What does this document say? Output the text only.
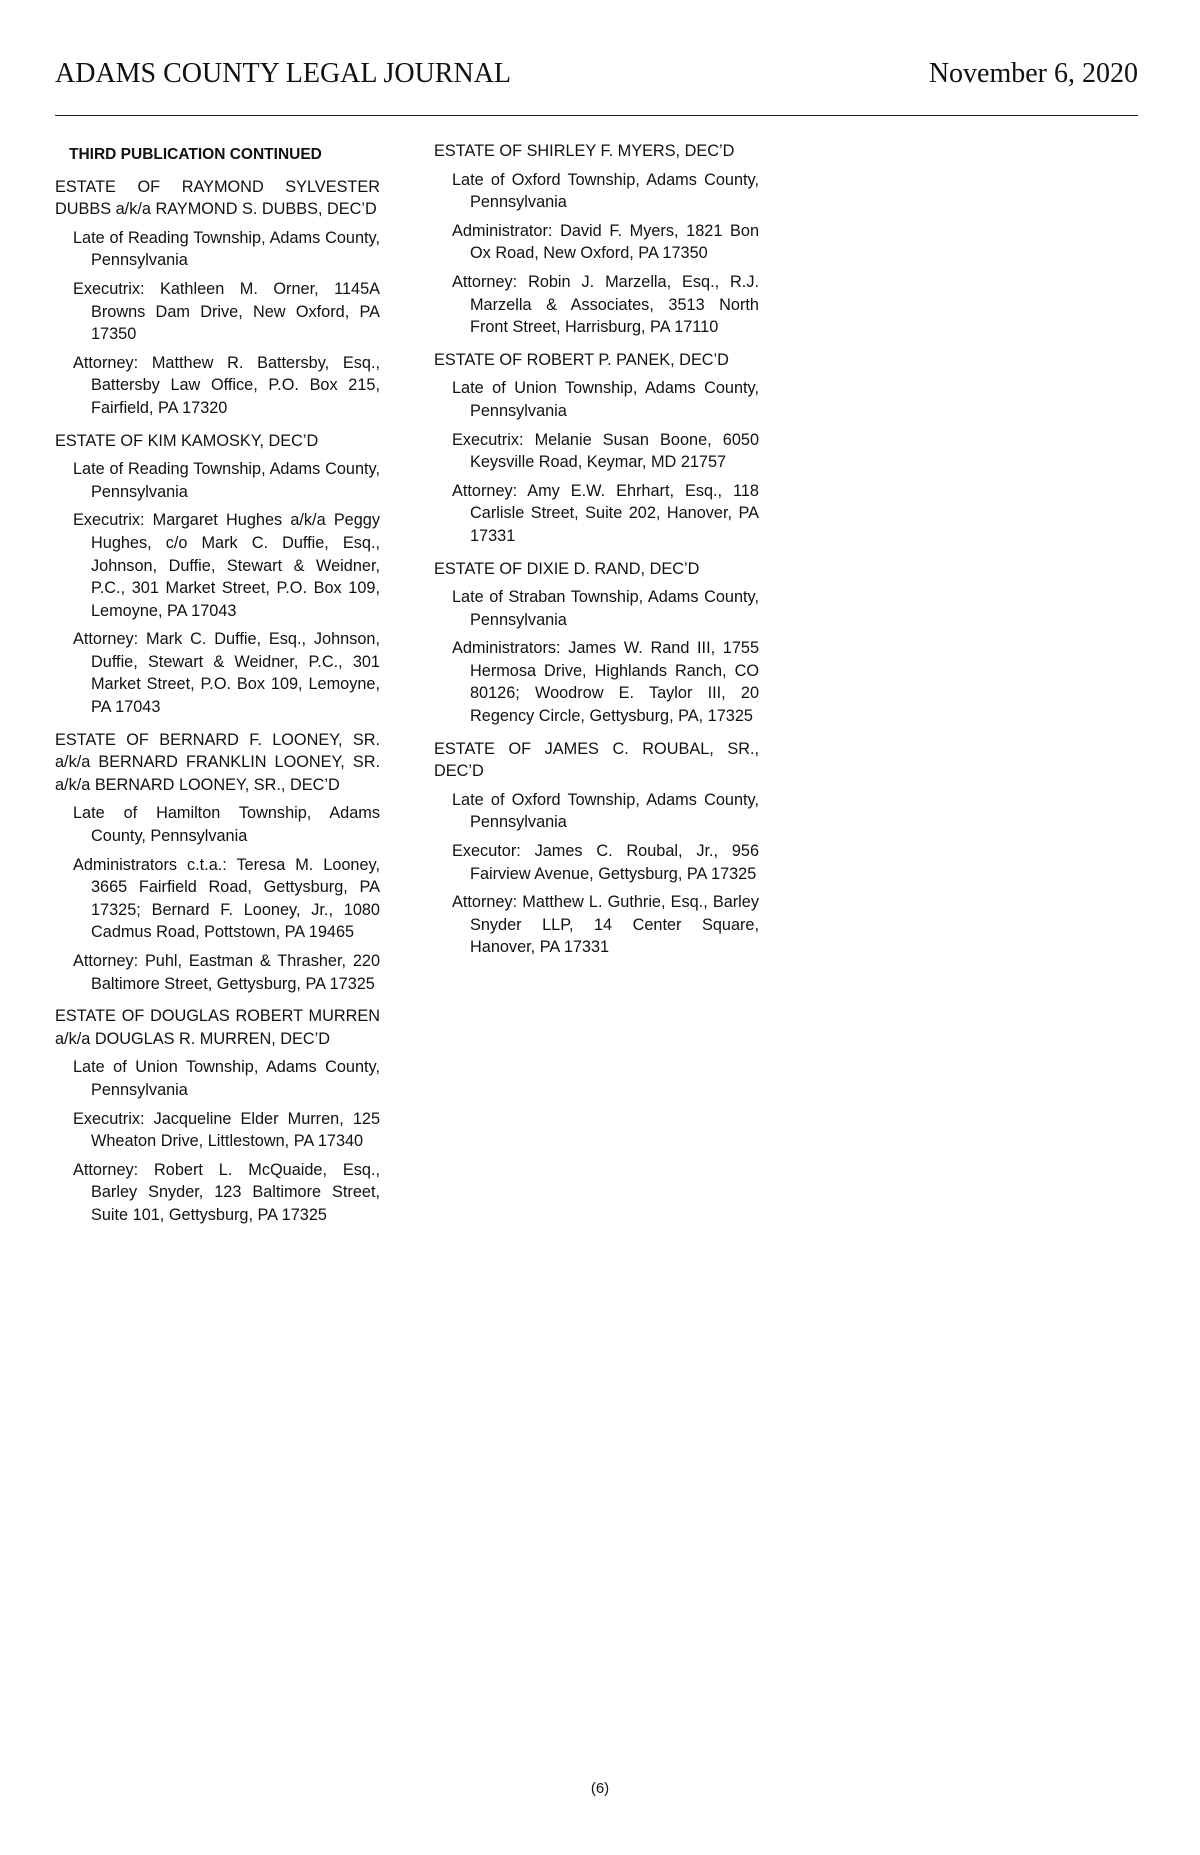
ADAMS COUNTY LEGAL JOURNAL	November 6, 2020
THIRD PUBLICATION CONTINUED
ESTATE OF RAYMOND SYLVESTER DUBBS a/k/a RAYMOND S. DUBBS, DEC’D
Late of Reading Township, Adams County, Pennsylvania
Executrix: Kathleen M. Orner, 1145A Browns Dam Drive, New Oxford, PA 17350
Attorney: Matthew R. Battersby, Esq., Battersby Law Office, P.O. Box 215, Fairfield, PA 17320
ESTATE OF KIM KAMOSKY, DEC’D
Late of Reading Township, Adams County, Pennsylvania
Executrix: Margaret Hughes a/k/a Peggy Hughes, c/o Mark C. Duffie, Esq., Johnson, Duffie, Stewart & Weidner, P.C., 301 Market Street, P.O. Box 109, Lemoyne, PA 17043
Attorney: Mark C. Duffie, Esq., Johnson, Duffie, Stewart & Weidner, P.C., 301 Market Street, P.O. Box 109, Lemoyne, PA 17043
ESTATE OF BERNARD F. LOONEY, SR. a/k/a BERNARD FRANKLIN LOONEY, SR. a/k/a BERNARD LOONEY, SR., DEC’D
Late of Hamilton Township, Adams County, Pennsylvania
Administrators c.t.a.: Teresa M. Looney, 3665 Fairfield Road, Gettysburg, PA 17325; Bernard F. Looney, Jr., 1080 Cadmus Road, Pottstown, PA 19465
Attorney: Puhl, Eastman & Thrasher, 220 Baltimore Street, Gettysburg, PA 17325
ESTATE OF DOUGLAS ROBERT MURREN a/k/a DOUGLAS R. MURREN, DEC’D
Late of Union Township, Adams County, Pennsylvania
Executrix: Jacqueline Elder Murren, 125 Wheaton Drive, Littlestown, PA 17340
Attorney: Robert L. McQuaide, Esq., Barley Snyder, 123 Baltimore Street, Suite 101, Gettysburg, PA 17325
ESTATE OF SHIRLEY F. MYERS, DEC’D
Late of Oxford Township, Adams County, Pennsylvania
Administrator: David F. Myers, 1821 Bon Ox Road, New Oxford, PA 17350
Attorney: Robin J. Marzella, Esq., R.J. Marzella & Associates, 3513 North Front Street, Harrisburg, PA 17110
ESTATE OF ROBERT P. PANEK, DEC’D
Late of Union Township, Adams County, Pennsylvania
Executrix: Melanie Susan Boone, 6050 Keysville Road, Keymar, MD 21757
Attorney: Amy E.W. Ehrhart, Esq., 118 Carlisle Street, Suite 202, Hanover, PA 17331
ESTATE OF DIXIE D. RAND, DEC’D
Late of Straban Township, Adams County, Pennsylvania
Administrators: James W. Rand III, 1755 Hermosa Drive, Highlands Ranch, CO 80126; Woodrow E. Taylor III, 20 Regency Circle, Gettysburg, PA, 17325
ESTATE OF JAMES C. ROUBAL, SR., DEC’D
Late of Oxford Township, Adams County, Pennsylvania
Executor: James C. Roubal, Jr., 956 Fairview Avenue, Gettysburg, PA 17325
Attorney: Matthew L. Guthrie, Esq., Barley Snyder LLP, 14 Center Square, Hanover, PA 17331
(6)
